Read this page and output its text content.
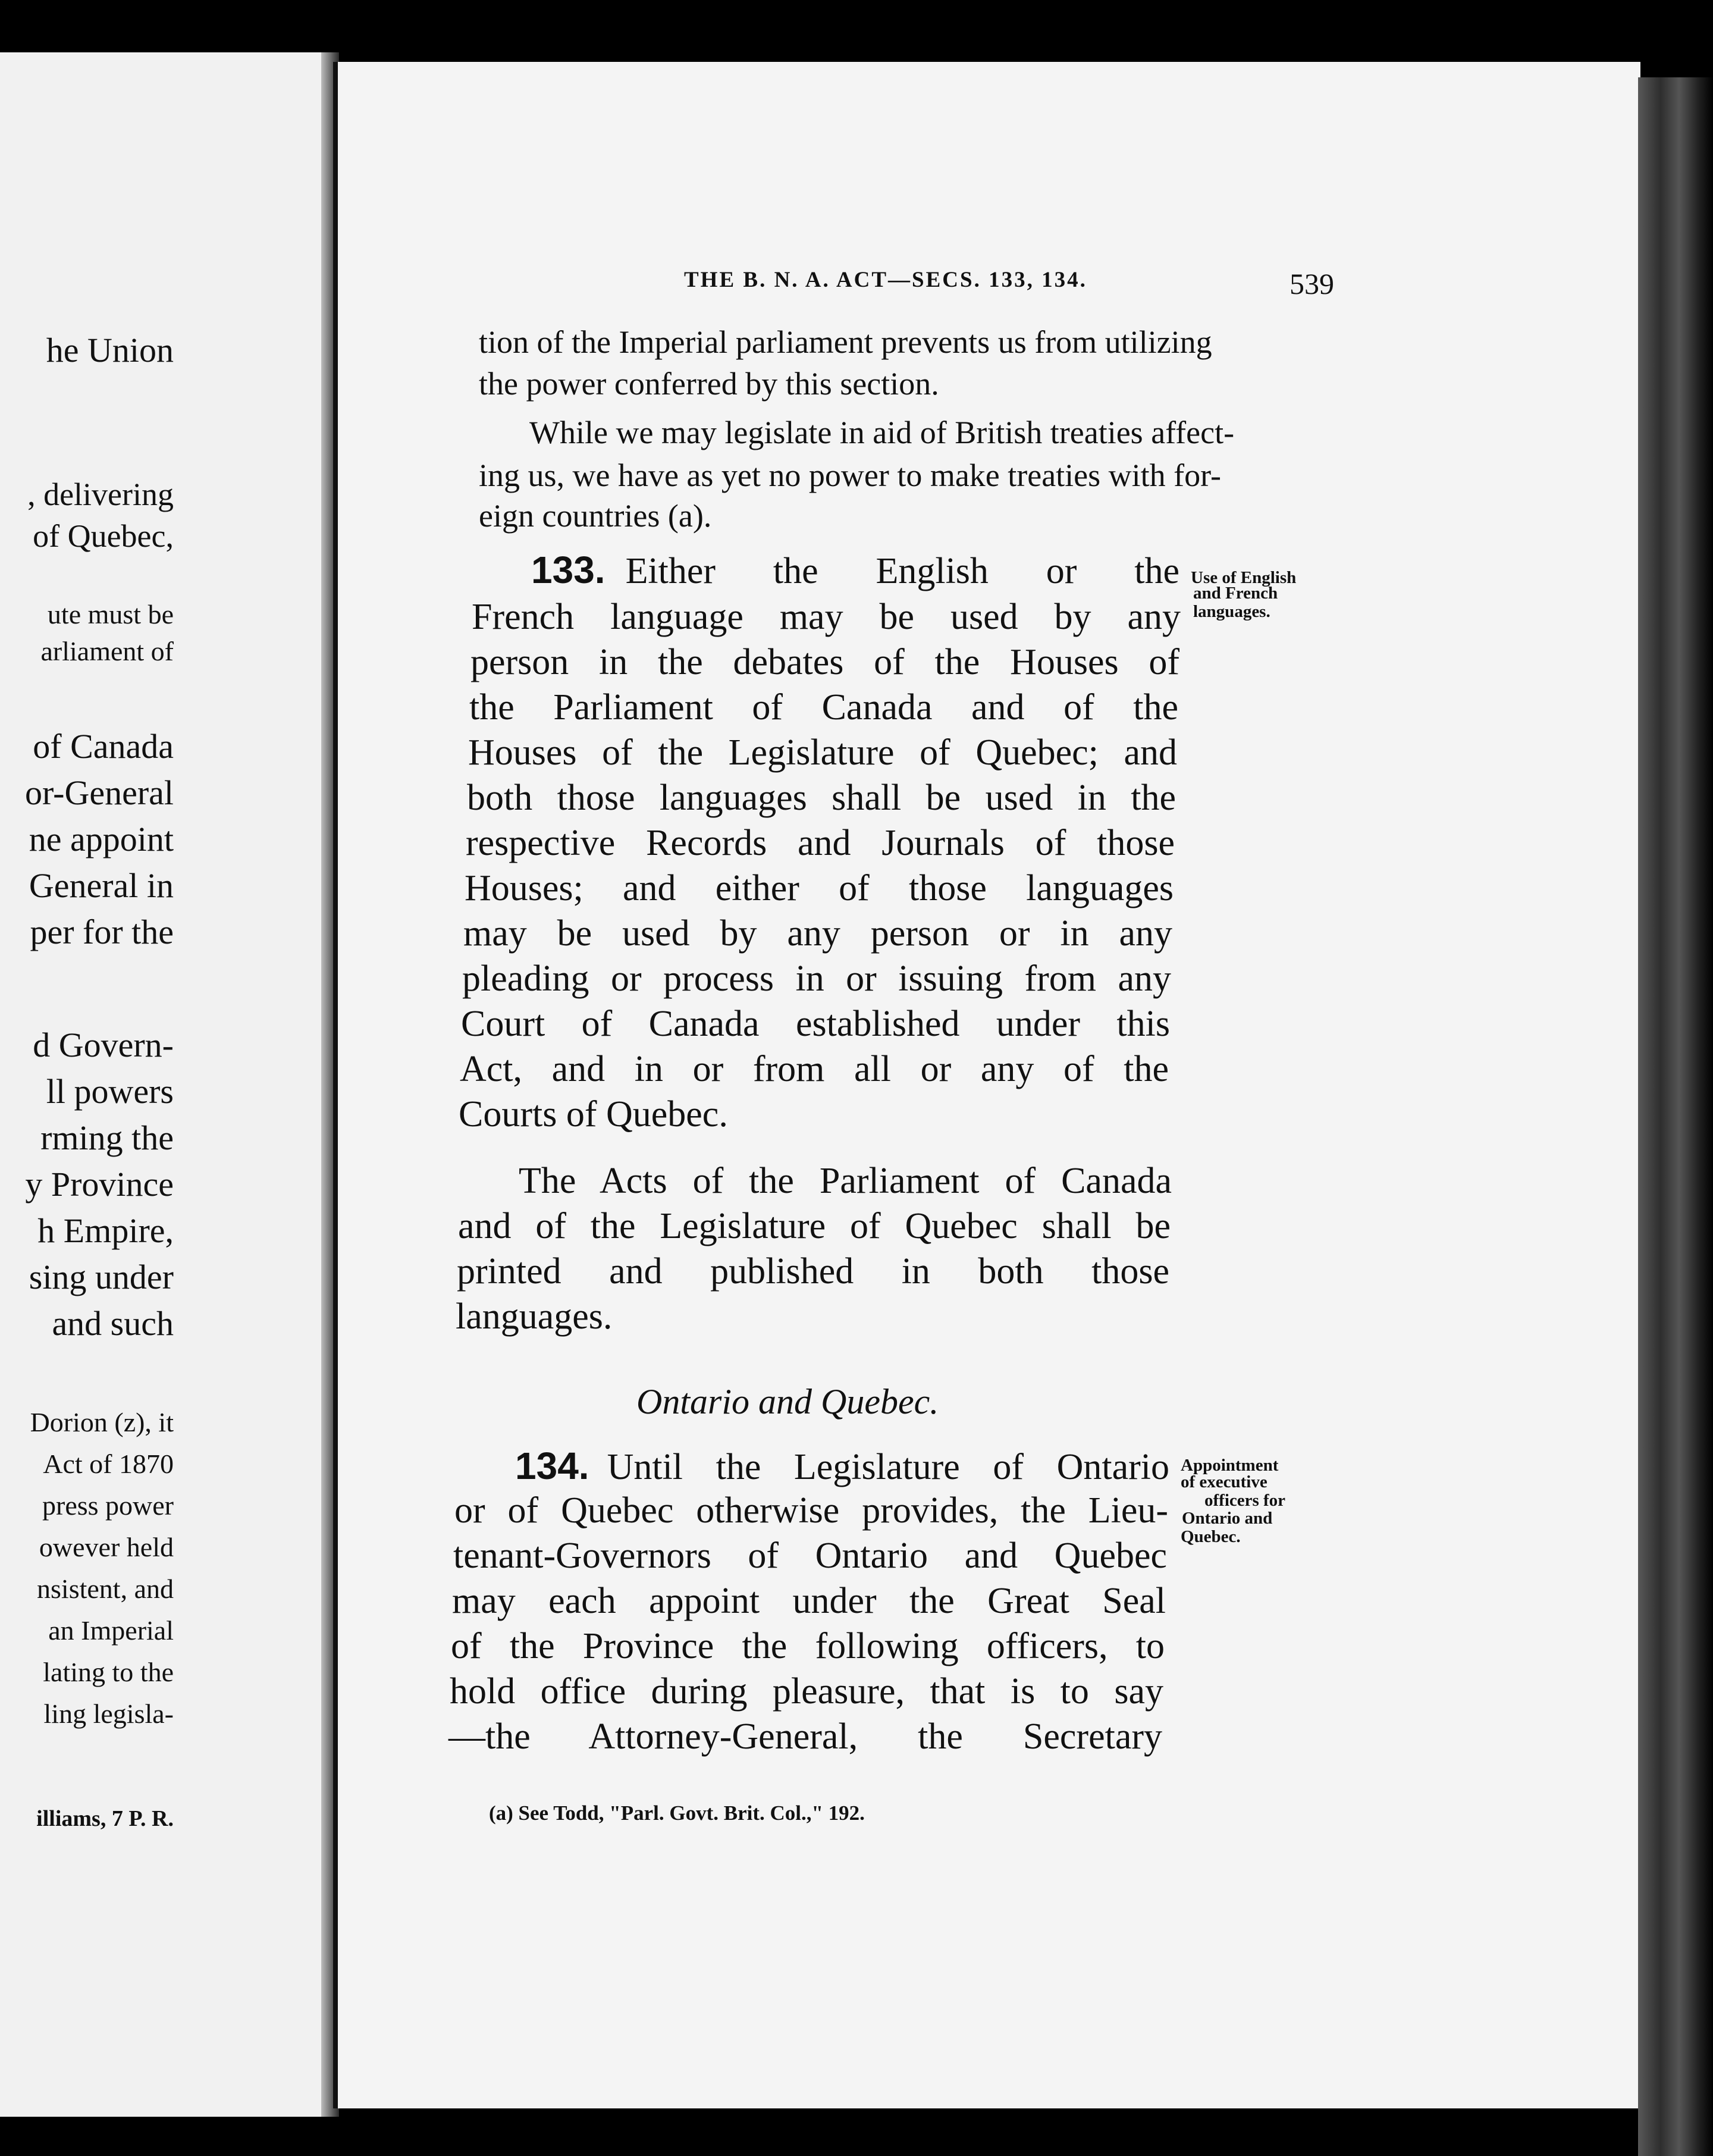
he Union
, delivering
of Quebec,
ute must be
arliament of
of Canada
or-General
ne appoint
General in
per for the
d Govern-
ll powers
rming the
y Province
h Empire,
sing under
and such
Dorion (z), it
Act of 1870
press power
owever held
nsistent, and
an Imperial
lating to the
ling legisla-
illiams, 7 P. R.
THE B. N. A. ACT—SECS. 133, 134.	539
tion of the Imperial parliament prevents us from utilizing
the power conferred by this section.
While we may legislate in aid of British treaties affect-
ing us, we have as yet no power to make treaties with for-
eign countries (a).
133. Either the English or the Use of English
and French
languages.
French language may be used by any
person in the debates of the Houses of
the Parliament of Canada and of the
Houses of the Legislature of Quebec; and
both those languages shall be used in the
respective Records and Journals of those
Houses; and either of those languages
may be used by any person or in any
pleading or process in or issuing from any
Court of Canada established under this
Act, and in or from all or any of the
Courts of Quebec.
The Acts of the Parliament of Canada
and of the Legislature of Quebec shall be
printed and published in both those
languages.
Ontario and Quebec.
134. Until the Legislature of Ontario Appointment
of executive
officers for
Ontario and
Quebec.
or of Quebec otherwise provides, the Lieu-
tenant-Governors of Ontario and Quebec
may each appoint under the Great Seal
of the Province the following officers, to
hold office during pleasure, that is to say
—the Attorney-General, the Secretary
(a) See Todd, "Parl. Govt. Brit. Col.," 192.
